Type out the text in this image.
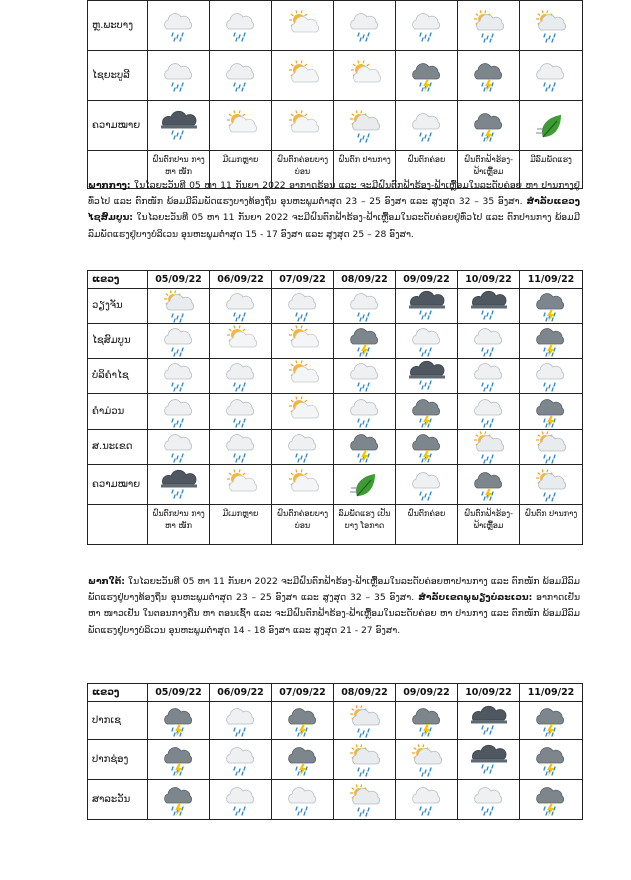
ຫຼ.ພະບາງ	

ໄຊຍະບູລີ	

ຄວາມໝາຍ	

	ຝົນຕົກປານ ກາງ ຫາ ໜັກ	ມີເມກຫຼາຍ	ຝົນຕົກຄ່ອຍບາງ ບ່ອນ	ຝົນຕົກ ປານກາງ	ຝົນຕົກຄ່ອຍ	ຝົນຕົກຟ້າຮ້ອງ- ຟ້າເຫຼື້ອມ	ມີລົມພັດແຮງ
ພາກກາງ: ໃນໄລຍະວັນທີ 05 ຫາ 11 ກັນຍາ 2022 ອາກາດຮ້ອນ ແລະ ຈະມີຝົນຕົກຟ້າຮ້ອງ-ຟ້າເຫຼື້ອມໃນລະດັບຄ່ອຍ ຫາ ປານກາງຢູ່ທົ່ວໄປ ແລະ ຕົກໜັກ ພ້ອມມີລົມພັດແຮງບາງທ້ອງຖິ່ນ ອຸນຫະພູມຕໍ່າສຸດ 23 – 25 ອົງສາ ແລະ ສູງສຸດ 32 – 35 ອົງສາ. ສຳລັບແຂວງ ໄຊສົມບູນ: ໃນໄລຍະວັນທີ 05 ຫາ 11 ກັນຍາ 2022 ຈະມີຝົນຕົກຟ້າຮ້ອງ-ຟ້າເຫຼື້ອມໃນລະດັບຄ່ອຍຢູ່ທົ່ວໄປ ແລະ ຕົກປານກາງ ພ້ອມມີລົມພັດແຮງຢູ່ບາງບໍລິເວນ ອຸນຫະພູມຕໍ່າສຸດ 15 - 17 ອົງສາ ແລະ ສູງສຸດ 25 – 28 ອົງສາ.
ແຂວງ	05/09/22	06/09/22	07/09/22	08/09/22	09/09/22	10/09/22	11/09/22
ວຽງຈັນ	

ໄຊສົມບູນ	

ບໍລິຄຳໄຊ	

ຄຳມ່ວນ	

ສ.ນະເຂດ	

ຄວາມໝາຍ	

	ຝົນຕົກປານ ກາງ ຫາ ໜັກ	ມີເມກຫຼາຍ	ຝົນຕົກຄ່ອຍບາງ ບ່ອນ	ລົມພັດແຮງ ເປັນບາງ ໂອກາດ	ຝົນຕົກຄ່ອຍ	ຝົນຕົກຟ້າຮ້ອງ- ຟ້າເຫຼື້ອມ	ຝົນຕົກ ປານກາງ
ພາກໃຕ້: ໃນໄລຍະວັນທີ 05 ຫາ 11 ກັນຍາ 2022 ຈະມີຝົນຕົກຟ້າຮ້ອງ-ຟ້າເຫຼື້ອມໃນລະດັບຄ່ອຍຫາປານກາງ ແລະ ຕົກໜັກ ພ້ອມມີລົມພັດແຮງຢູ່ບາງທ້ອງຖິ່ນ ອຸນຫະພູມຕໍ່າສຸດ 23 – 25 ອົງສາ ແລະ ສູງສຸດ 32 – 35 ອົງສາ. ສຳລັບເຂດພູພຽງບໍລະເວນ: ອາກາດເຢັນ ຫາ ໜາວເຢັນ ໃນຕອນກາງຄືນ ຫາ ຕອນເຊົ້າ ແລະ ຈະມີຝົນຕົກຟ້າຮ້ອງ-ຟ້າເຫຼື້ອມໃນລະດັບຄ່ອຍ ຫາ ປານກາງ ແລະ ຕົກໜັກ ພ້ອມມີລົມພັດແຮງຢູ່ບາງບໍລິເວນ ອຸນຫະພູມຕໍ່າສຸດ 14 - 18 ອົງສາ ແລະ ສູງສຸດ 21 - 27 ອົງສາ.
ແຂວງ	05/09/22	06/09/22	07/09/22	08/09/22	09/09/22	10/09/22	11/09/22
ປາກເຊ	

ປາກຊ່ອງ	

ສາລະວັນ	
